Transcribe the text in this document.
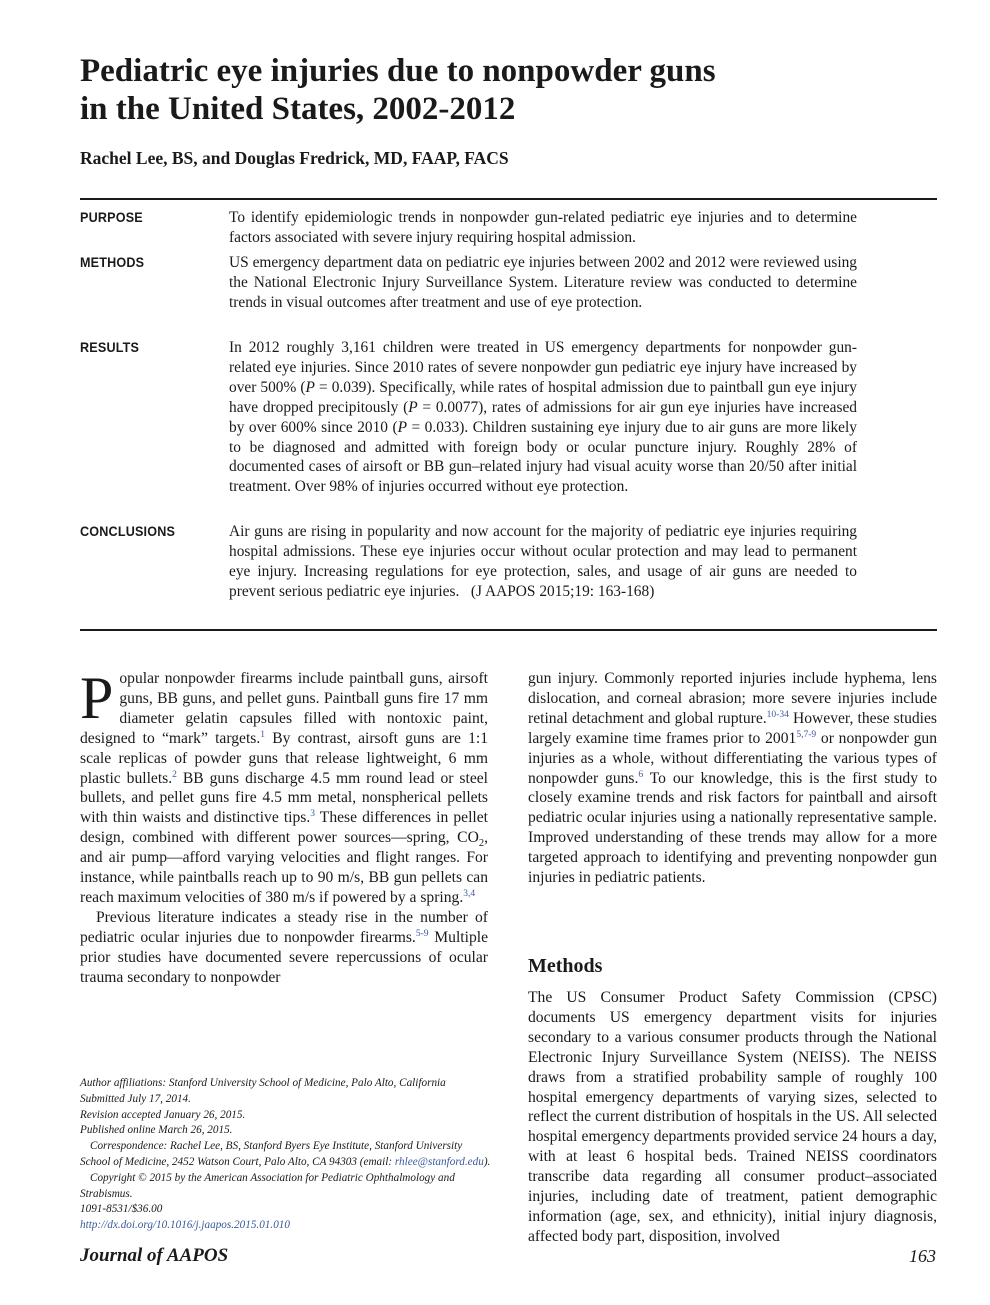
Pediatric eye injuries due to nonpowder guns
in the United States, 2002-2012

Rachel Lee, BS, and Douglas Fredrick, MD, FAAP, FACS

PURPOSE	To identify epidemiologic trends in nonpowder gun-related pediatric eye injuries and to determine factors associated with severe injury requiring hospital admission.

METHODS	US emergency department data on pediatric eye injuries between 2002 and 2012 were reviewed using the National Electronic Injury Surveillance System. Literature review was conducted to determine trends in visual outcomes after treatment and use of eye protection.

RESULTS	In 2012 roughly 3,161 children were treated in US emergency departments for nonpowder gun-related eye injuries. Since 2010 rates of severe nonpowder gun pediatric eye injury have increased by over 500% (P = 0.039). Specifically, while rates of hospital admission due to paintball gun eye injury have dropped precipitously (P = 0.0077), rates of admissions for air gun eye injuries have increased by over 600% since 2010 (P = 0.033). Children sustaining eye injury due to air guns are more likely to be diagnosed and admitted with foreign body or ocular puncture injury. Roughly 28% of documented cases of airsoft or BB gun–related injury had visual acuity worse than 20/50 after initial treatment. Over 98% of injuries occurred without eye protection.

CONCLUSIONS	Air guns are rising in popularity and now account for the majority of pediatric eye injuries requiring hospital admissions. These eye injuries occur without ocular protection and may lead to permanent eye injury. Increasing regulations for eye protection, sales, and usage of air guns are needed to prevent serious pediatric eye injuries. (J AAPOS 2015;19: 163-168)

Popular nonpowder firearms include paintball guns, airsoft guns, BB guns, and pellet guns. Paintball guns fire 17 mm diameter gelatin capsules filled with nontoxic paint, designed to “mark” targets.$^1$ By contrast, airsoft guns are 1:1 scale replicas of powder guns that release lightweight, 6 mm plastic bullets.$^2$ BB guns discharge 4.5 mm round lead or steel bullets, and pellet guns fire 4.5 mm metal, nonspherical pellets with thin waists and distinctive tips.$^3$ These differences in pellet design, combined with different power sources—spring, $CO_2$, and air pump—afford varying velocities and flight ranges. For instance, while paintballs reach up to 90 m/s, BB gun pellets can reach maximum velocities of 380 m/s if powered by a spring.$^{3,4}$

Previous literature indicates a steady rise in the number of pediatric ocular injuries due to nonpowder firearms.$^{5-9}$ Multiple prior studies have documented severe repercussions of ocular trauma secondary to nonpowder

gun injury. Commonly reported injuries include hyphema, lens dislocation, and corneal abrasion; more severe injuries include retinal detachment and global rupture.$^{10-34}$ However, these studies largely examine time frames prior to 2001$^{5,7-9}$ or nonpowder gun injuries as a whole, without differentiating the various types of nonpowder guns.$^6$ To our knowledge, this is the first study to closely examine trends and risk factors for paintball and airsoft pediatric ocular injuries using a nationally representative sample. Improved understanding of these trends may allow for a more targeted approach to identifying and preventing nonpowder gun injuries in pediatric patients.

Methods

The US Consumer Product Safety Commission (CPSC) documents US emergency department visits for injuries secondary to a various consumer products through the National Electronic Injury Surveillance System (NEISS). The NEISS draws from a stratified probability sample of roughly 100 hospital emergency departments of varying sizes, selected to reflect the current distribution of hospitals in the US. All selected hospital emergency departments provided service 24 hours a day, with at least 6 hospital beds. Trained NEISS coordinators transcribe data regarding all consumer product–associated injuries, including date of treatment, patient demographic information (age, sex, and ethnicity), initial injury diagnosis, affected body part, disposition, involved

Author affiliations: Stanford University School of Medicine, Palo Alto, California
Submitted July 17, 2014.
Revision accepted January 26, 2015.
Published online March 26, 2015.
Correspondence: Rachel Lee, BS, Stanford Byers Eye Institute, Stanford University School of Medicine, 2452 Watson Court, Palo Alto, CA 94303 (email: rhlee@stanford.edu).
Copyright © 2015 by the American Association for Pediatric Ophthalmology and Strabismus.
1091-8531/$36.00
http://dx.doi.org/10.1016/j.jaapos.2015.01.010
Journal of AAPOS	163
